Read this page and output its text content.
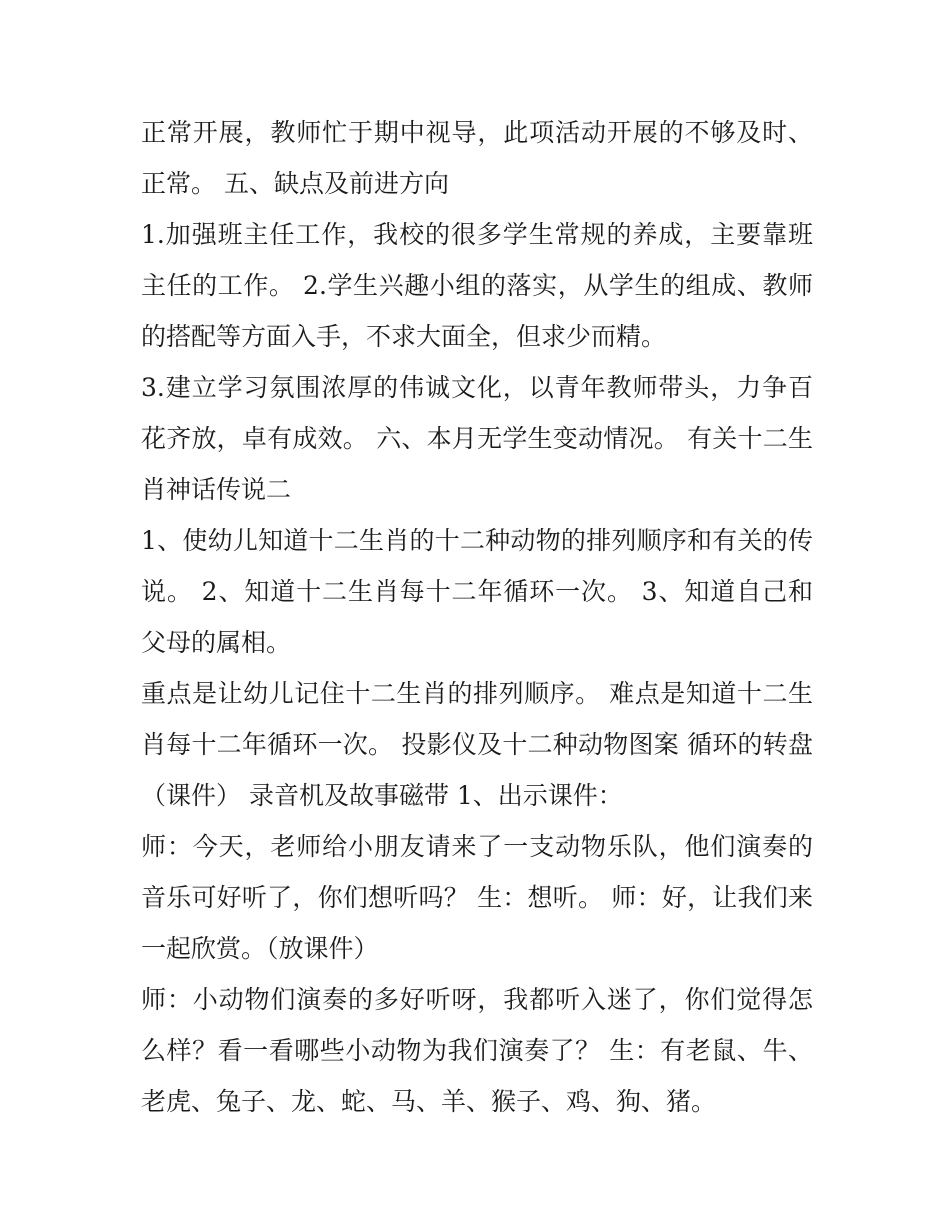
正常开展，教师忙于期中视导，此项活动开展的不够及时、正常。 五、缺点及前进方向

1.加强班主任工作，我校的很多学生常规的养成，主要靠班主任的工作。 2.学生兴趣小组的落实，从学生的组成、教师的搭配等方面入手，不求大面全，但求少而精。

3.建立学习氛围浓厚的伟诚文化，以青年教师带头，力争百花齐放，卓有成效。 六、本月无学生变动情况。 有关十二生肖神话传说二

1、使幼儿知道十二生肖的十二种动物的排列顺序和有关的传说。 2、知道十二生肖每十二年循环一次。 3、知道自己和父母的属相。

重点是让幼儿记住十二生肖的排列顺序。 难点是知道十二生肖每十二年循环一次。 投影仪及十二种动物图案 循环的转盘（课件） 录音机及故事磁带 1、出示课件：

师：今天，老师给小朋友请来了一支动物乐队，他们演奏的音乐可好听了，你们想听吗？ 生：想听。 师：好，让我们来一起欣赏。（放课件）

师：小动物们演奏的多好听呀，我都听入迷了，你们觉得怎么样？看一看哪些小动物为我们演奏了？ 生：有老鼠、牛、老虎、兔子、龙、蛇、马、羊、猴子、鸡、狗、猪。
